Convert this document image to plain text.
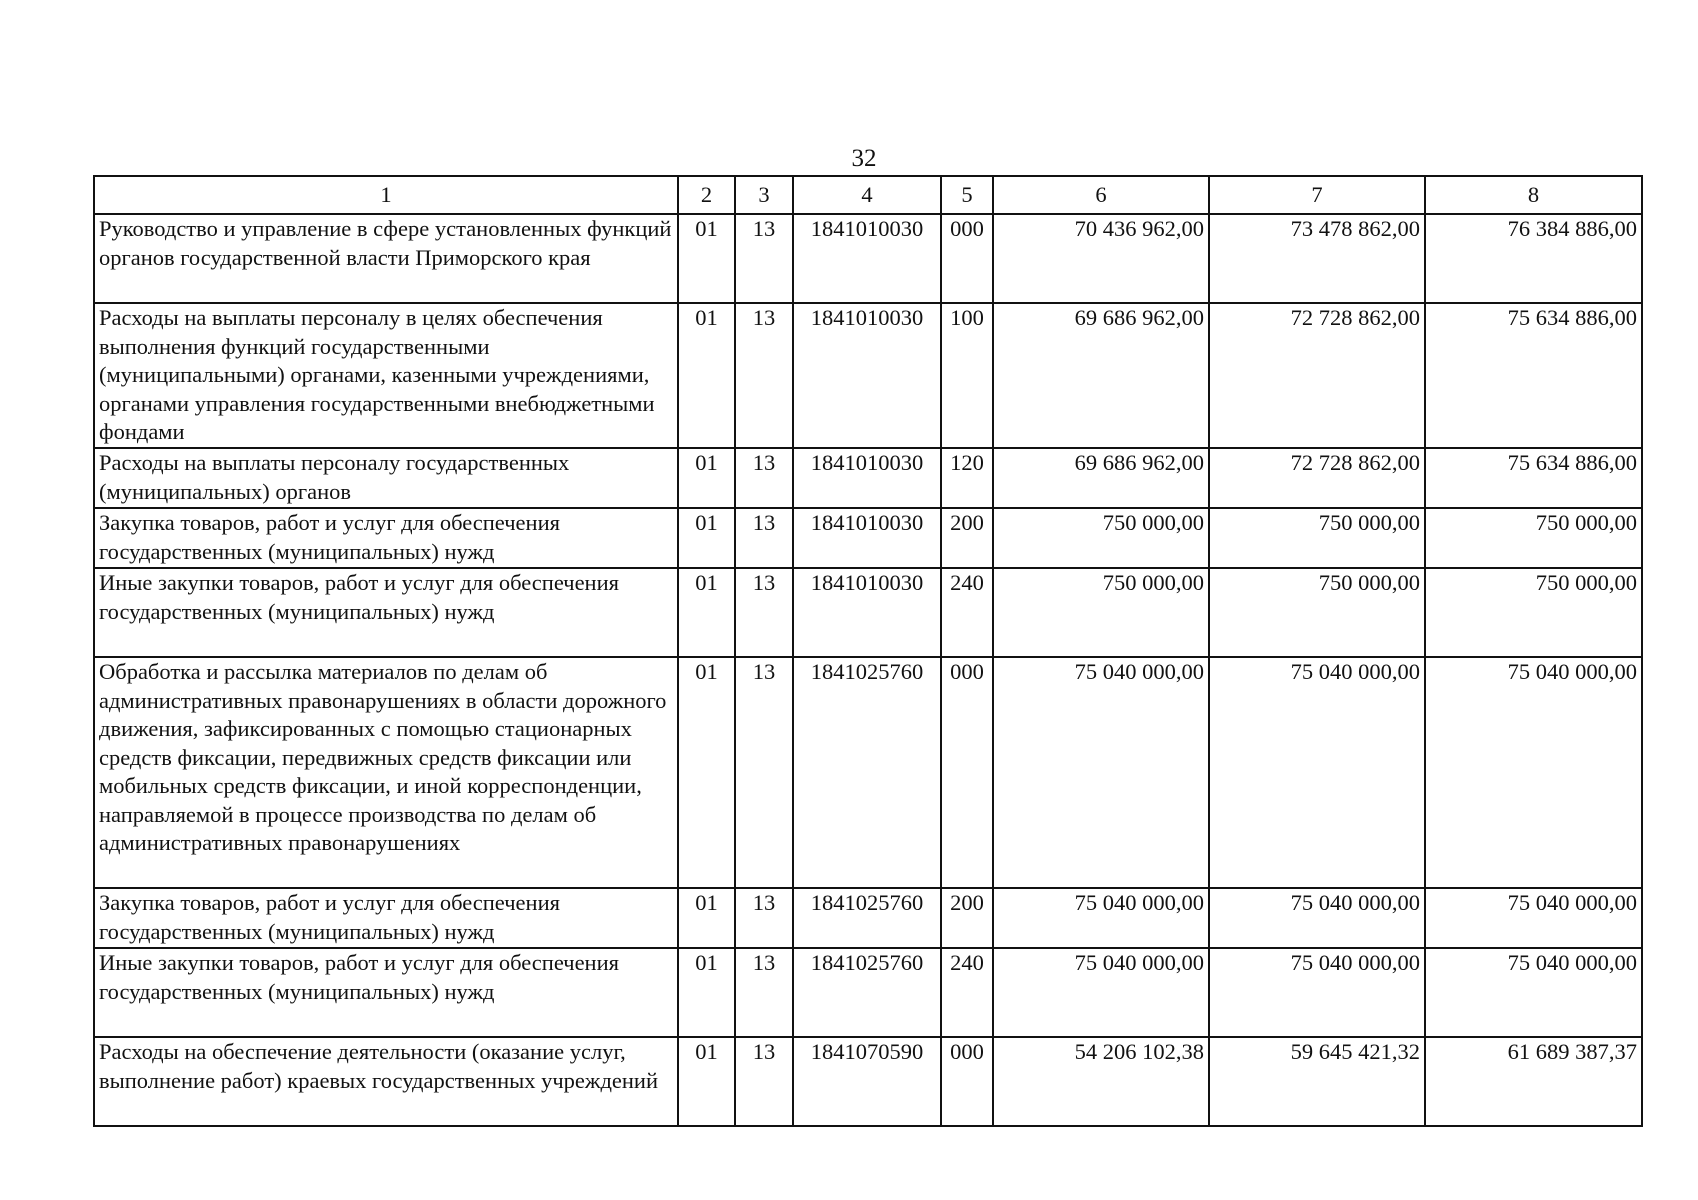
32
1	2	3	4	5	6	7	8
Руководство и управление в сфере установленных функций органов государственной власти Приморского края	01	13	1841010030	000	70 436 962,00	73 478 862,00	76 384 886,00
Расходы на выплаты персоналу в целях обеспечения выполнения функций государственными (муниципальными) органами, казенными учреждениями, органами управления государственными внебюджетными фондами	01	13	1841010030	100	69 686 962,00	72 728 862,00	75 634 886,00
Расходы на выплаты персоналу государственных (муниципальных) органов	01	13	1841010030	120	69 686 962,00	72 728 862,00	75 634 886,00
Закупка товаров, работ и услуг для обеспечения государственных (муниципальных) нужд	01	13	1841010030	200	750 000,00	750 000,00	750 000,00
Иные закупки товаров, работ и услуг для обеспечения государственных (муниципальных) нужд	01	13	1841010030	240	750 000,00	750 000,00	750 000,00
Обработка и рассылка материалов по делам об административных правонарушениях в области дорожного движения, зафиксированных с помощью стационарных средств фиксации, передвижных средств фиксации или мобильных средств фиксации, и иной корреспонденции, направляемой в процессе производства по делам об административных правонарушениях	01	13	1841025760	000	75 040 000,00	75 040 000,00	75 040 000,00
Закупка товаров, работ и услуг для обеспечения государственных (муниципальных) нужд	01	13	1841025760	200	75 040 000,00	75 040 000,00	75 040 000,00
Иные закупки товаров, работ и услуг для обеспечения государственных (муниципальных) нужд	01	13	1841025760	240	75 040 000,00	75 040 000,00	75 040 000,00
Расходы на обеспечение деятельности (оказание услуг, выполнение работ) краевых государственных учреждений	01	13	1841070590	000	54 206 102,38	59 645 421,32	61 689 387,37
